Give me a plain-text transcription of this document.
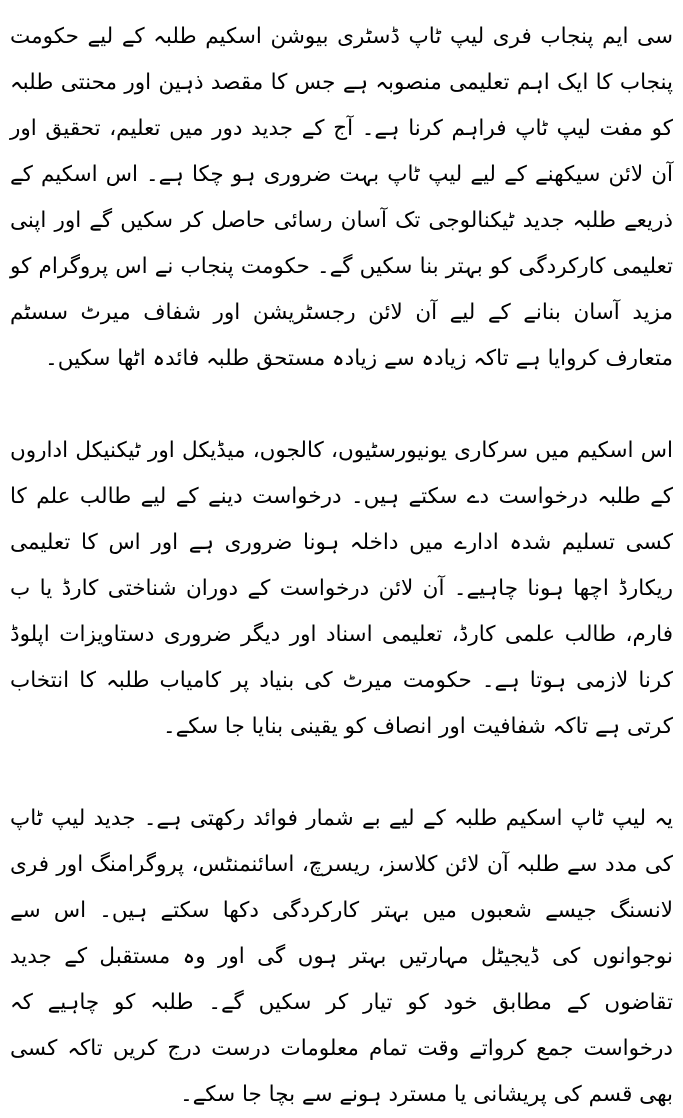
سی ایم پنجاب فری لیپ ٹاپ ڈسٹری بیوشن اسکیم طلبہ کے لیے حکومت پنجاب کا ایک اہم تعلیمی منصوبہ ہے جس کا مقصد ذہین اور محنتی طلبہ کو مفت لیپ ٹاپ فراہم کرنا ہے۔ آج کے جدید دور میں تعلیم، تحقیق اور آن لائن سیکھنے کے لیے لیپ ٹاپ بہت ضروری ہو چکا ہے۔ اس اسکیم کے ذریعے طلبہ جدید ٹیکنالوجی تک آسان رسائی حاصل کر سکیں گے اور اپنی تعلیمی کارکردگی کو بہتر بنا سکیں گے۔ حکومت پنجاب نے اس پروگرام کو مزید آسان بنانے کے لیے آن لائن رجسٹریشن اور شفاف میرٹ سسٹم متعارف کروایا ہے تاکہ زیادہ سے زیادہ مستحق طلبہ فائدہ اٹھا سکیں۔

اس اسکیم میں سرکاری یونیورسٹیوں، کالجوں، میڈیکل اور ٹیکنیکل اداروں کے طلبہ درخواست دے سکتے ہیں۔ درخواست دینے کے لیے طالب علم کا کسی تسلیم شدہ ادارے میں داخلہ ہونا ضروری ہے اور اس کا تعلیمی ریکارڈ اچھا ہونا چاہیے۔ آن لائن درخواست کے دوران شناختی کارڈ یا ب فارم، طالب علمی کارڈ، تعلیمی اسناد اور دیگر ضروری دستاویزات اپلوڈ کرنا لازمی ہوتا ہے۔ حکومت میرٹ کی بنیاد پر کامیاب طلبہ کا انتخاب کرتی ہے تاکہ شفافیت اور انصاف کو یقینی بنایا جا سکے۔

یہ لیپ ٹاپ اسکیم طلبہ کے لیے بے شمار فوائد رکھتی ہے۔ جدید لیپ ٹاپ کی مدد سے طلبہ آن لائن کلاسز، ریسرچ، اسائنمنٹس، پروگرامنگ اور فری لانسنگ جیسے شعبوں میں بہتر کارکردگی دکھا سکتے ہیں۔ اس سے نوجوانوں کی ڈیجیٹل مہارتیں بہتر ہوں گی اور وہ مستقبل کے جدید تقاضوں کے مطابق خود کو تیار کر سکیں گے۔ طلبہ کو چاہیے کہ درخواست جمع کرواتے وقت تمام معلومات درست درج کریں تاکہ کسی بھی قسم کی پریشانی یا مسترد ہونے سے بچا جا سکے۔
